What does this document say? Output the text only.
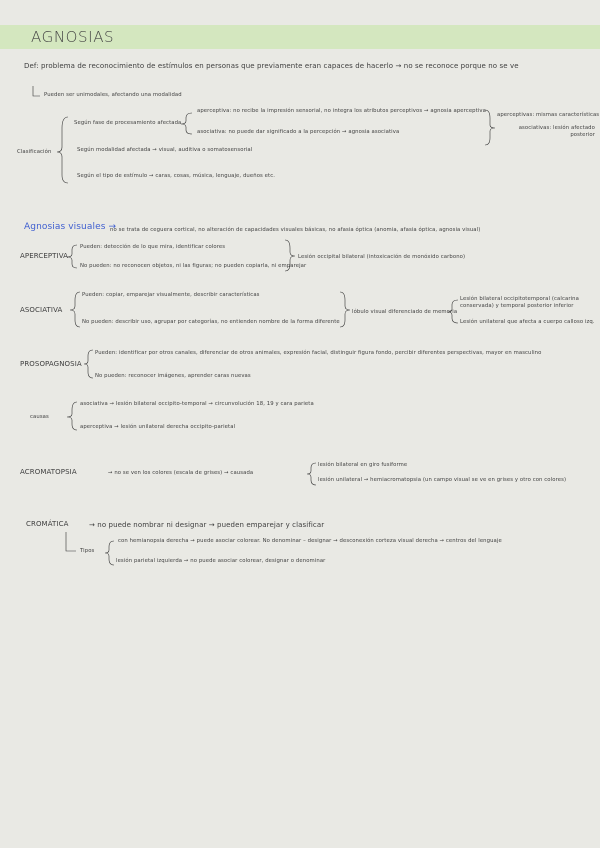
AGNOSIAS
Def: problema de reconocimiento de estímulos en personas que previamente eran capaces de hacerlo → no se reconoce porque no se ve
Pueden ser unimodales, afectando una modalidad
Clasificación
Según fase de procesamiento afectada
aperceptiva: no recibe la impresión sensorial, no integra los atributos perceptivos → agnosia aperceptiva
asociativa: no puede dar significado a la percepción → agnosia asociativa
aperceptivas: mismas características
asociativas: lesión afectado posterior
Según modalidad afectada → visual, auditiva o somatosensorial
Según el tipo de estímulo → caras, cosas, música, lenguaje, dueños etc.
Agnosias visuales →
no se trata de ceguera cortical, no alteración de capacidades visuales básicas, no afasia óptica (anomia, afasia óptica, agnosia visual)
APERCEPTIVA
Pueden: detección de lo que mira, identificar colores
No pueden: no reconocen objetos, ni las figuras; no pueden copiarla, ni emparejar
Lesión occipital bilateral (intoxicación de monóxido carbono)
ASOCIATIVA
Pueden: copiar, emparejar visualmente, describir características
No pueden: describir uso, agrupar por categorías, no entienden nombre de la forma diferente
lóbulo visual diferenciado de memoria
Lesión bilateral occipitotemporal (calcarina conservada) y temporal posterior inferior
Lesión unilateral que afecta a cuerpo calloso izq.
PROSOPAGNOSIA
Pueden: identificar por otros canales, diferenciar de otros animales, expresión facial, distinguir figura fondo, percibir diferentes perspectivas, mayor en masculino
No pueden: reconocer imágenes, aprender caras nuevas
causas
asociativa → lesión bilateral occipito-temporal → circunvolución 18, 19 y cara parieta
aperceptiva → lesión unilateral derecha occipito-parietal
ACROMATOPSIA	→ no se ven los colores (escala de grises) → causada
lesión bilateral en giro fusiforme
lesión unilateral → hemiacromatopsia (un campo visual se ve en grises y otro con colores)
CROMÁTICA	→ no puede nombrar ni designar → pueden emparejar y clasificar
Tipos
con hemianopsia derecha → puede asociar colorear. No denominar – designar → desconexión corteza visual derecha → centros del lenguaje
lesión parietal izquierda → no puede asociar colorear, designar o denominar
